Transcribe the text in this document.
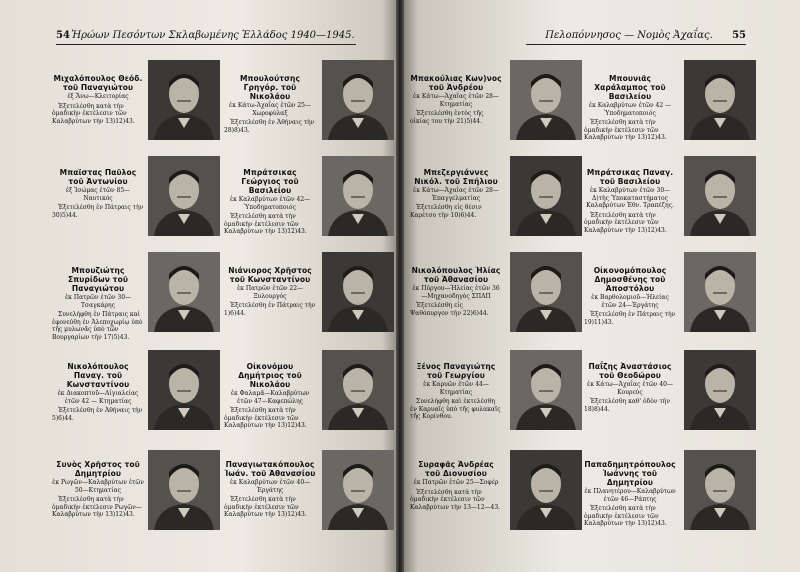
54 Ἡρώων Πεσόντων Σκλαβωμένης Ἑλλάδος 1940—1945.	Πελοπόννησος — Νομὸς Ἀχαΐας.	55
Μιχαλόπουλος Θεόδ. τοῦ Παναγιώτου
ἐξ Ἄνω—Κλειτορίας
Ἐξετελέσθη κατὰ τὴν ὁμαδικὴν ἐκτέλεσιν τῶν Καλαβρύτων τὴν 13)12)43.
Μπουλούτσης Γρηγόρ. τοῦ Νικολάου
ἐκ Κάτω-Ἀχαΐας ἐτῶν 25—Χωροφύλαξ
Ἐξετελέσθη ἐν Ἀθήναις τὴν 28)8)43.
Μπακούλιας Κων)νος τοῦ Ἀνδρέου
ἐκ Κάτω—Ἀχαΐας ἐτῶν 28—Κτηματίας
Ἐξετελέσθη ἐντὸς τῆς οἰκίας του τὴν 21)5)44.
Μπουνιᾶς Χαράλαμπος τοῦ Βασιλείου
ἐκ Καλαβρύτων ἐτῶν 42 — Ὑποδηματοποιός
Ἐξετελέσθη κατὰ τὴν ὁμαδικὴν ἐκτέλεσιν τῶν Καλαβρύτων τὴν 13)12)43.
Μπαϊστας Παῦλος τοῦ Ἀντωνίου
ἐξ Ἰσώμας ἐτῶν 85—Ναυτικός
Ἐξετελέσθη ἐν Πάτραις τὴν 30)5)44.
Μπράτσικας Γεώργιος τοῦ Βασιλείου
ἐκ Καλαβρύτων ἐτῶν 42—Ὑποδηματοποιός
Ἐξετελέσθη κατὰ τὴν ὁμαδικὴν ἐκτέλεσιν τῶν Καλαβρύτων τὴν 13)12)43.
Μπεζεργιάννες Νικόλ. τοῦ Σπήλιου
ἐκ Κάτω—Ἀχαΐας ἐτῶν 28—Ἐπαγγελματίας
Ἐξετελέσθη εἰς θέσιν Καρέτσο τὴν 10)6)44.
Μπράτσικας Παναγ. τοῦ Βασιλείου
ἐκ Καλαβρύτων ἐτῶν 30—Δ)τὴς Ὑποκαταστήματος Καλαβρύτων Ἐθν. Τραπέζης.
Ἐξετελέσθη κατὰ τὴν ὁμαδικὴν ἐκτέλεσιν τῶν Καλαβρύτων τὴν 13)12)43.
Μπουζιώτης Σπυρίδων τοῦ Παναγιώτου
ἐκ Πατρῶν ἐτῶν 30—Τσαγκάρης
Συνελήφθη ἐν Πάτραις καὶ ἐφονεύθη ἐν Ἀλεποχωρίῳ ὑπὸ τῆς μυλωνᾶς ὑπὸ τῶν Βουργαρίων τὴν 17)5)43.
Νιάνιορος Χρῆστος τοῦ Κωνσταντίνου
ἐκ Πατρῶν ἐτῶν 22—Ξυλουργός
Ἐξετελέσθη ἐν Πάτραις τὴν 1)6)44.
Νικολόπουλος Ἠλίας τοῦ Ἀθανασίου
ἐκ Πύργου—Ἠλείας ἐτῶν 36—Μηχανοδηγὸς ΣΠΑΠ
Ἐξετελέσθη εἰς Ψαθόπυργον τὴν 22)6)44.
Οἰκονομόπουλος Δημοσθένης τοῦ Ἀποστόλου
ἐκ Βαρθολομιοῦ—Ἠλείας ἐτῶν 24—Ἐργάτης
Ἐξετελέσθη ἐν Πάτραις τὴν 19)11)43.
Νικολόπουλος Παναγ. τοῦ Κωνσταντίνου
ἐκ Διακοπτοῦ—Αἰγιαλείας ἐτῶν 42 — Κτηματίας
Ἐξετελέσθη ἐν Ἀθήναις τὴν 5)6)44.
Οἰκονόμου Δημήτριος τοῦ Νικολάου
ἐκ Φαλαμᾶ—Καλαβρύτων ἐτῶν 47—Καφεπώλης
Ἐξετελέσθη κατὰ τὴν ὁμαδικὴν ἐκτέλεσιν τῶν Καλαβρύτων τὴν 13)12)43.
Ξένος Παναγιώτης τοῦ Γεωργίου
ἐκ Καρυῶν ἐτῶν 44—Κτηματίας
Συνελήφθη καὶ ἐκτελέσθη ἐν Καρυαῖς ὑπὸ τῆς φυλακαῖς τῆς Κορίνθου.
Παΐζης Ἀναστάσιος τοῦ Θεοδώρου
ἐκ Κάτω—Ἀχαΐας ἐτῶν 40—Κουρεύς
Ἐξετελέσθη καθ' ὁδὸν τὴν 18)8)44.
Συνὸς Χρῆστος τοῦ Δημητρίου
ἐκ Ρωγῶν—Καλαβρύτων ἐτῶν 50—Κτηματίας
Ἐξετελέσθη κατὰ τὴν ὁμαδικὴν ἐκτέλεσιν Ρωγῶν— Καλαβρύτων τὴν 13)12)43.
Παναγιωτακόπουλος Ἰωάν. τοῦ Ἀθανασίου
ἐκ Καλαβρύτων ἐτῶν 40—Ἐργάτης
Ἐξετελέσθη κατὰ τὴν ὁμαδικὴν ἐκτέλεσιν τῶν Καλαβρύτων τὴν 13)12)43.
Συραφᾶς Ἀνδρέας τοῦ Διονυσίου
ἐκ Πατρῶν ἐτῶν 25—Σοφέρ
Ἐξετελέσθη κατὰ τὴν ὁμαδικὴν ἐκτέλεσιν τῶν Καλαβρύτων τὴν 13—12—43.
Παπαδημητρόπουλος Ἰωάννης τοῦ Δημητρίου
ἐκ Πλανητέρου—Καλαβρύτων ἐτῶν 46—Ράπτης
Ἐξετελέσθη κατὰ τὴν ὁμαδικὴν ἐκτέλεσιν τῶν Καλαβρύτων τὴν 13)12)43.
